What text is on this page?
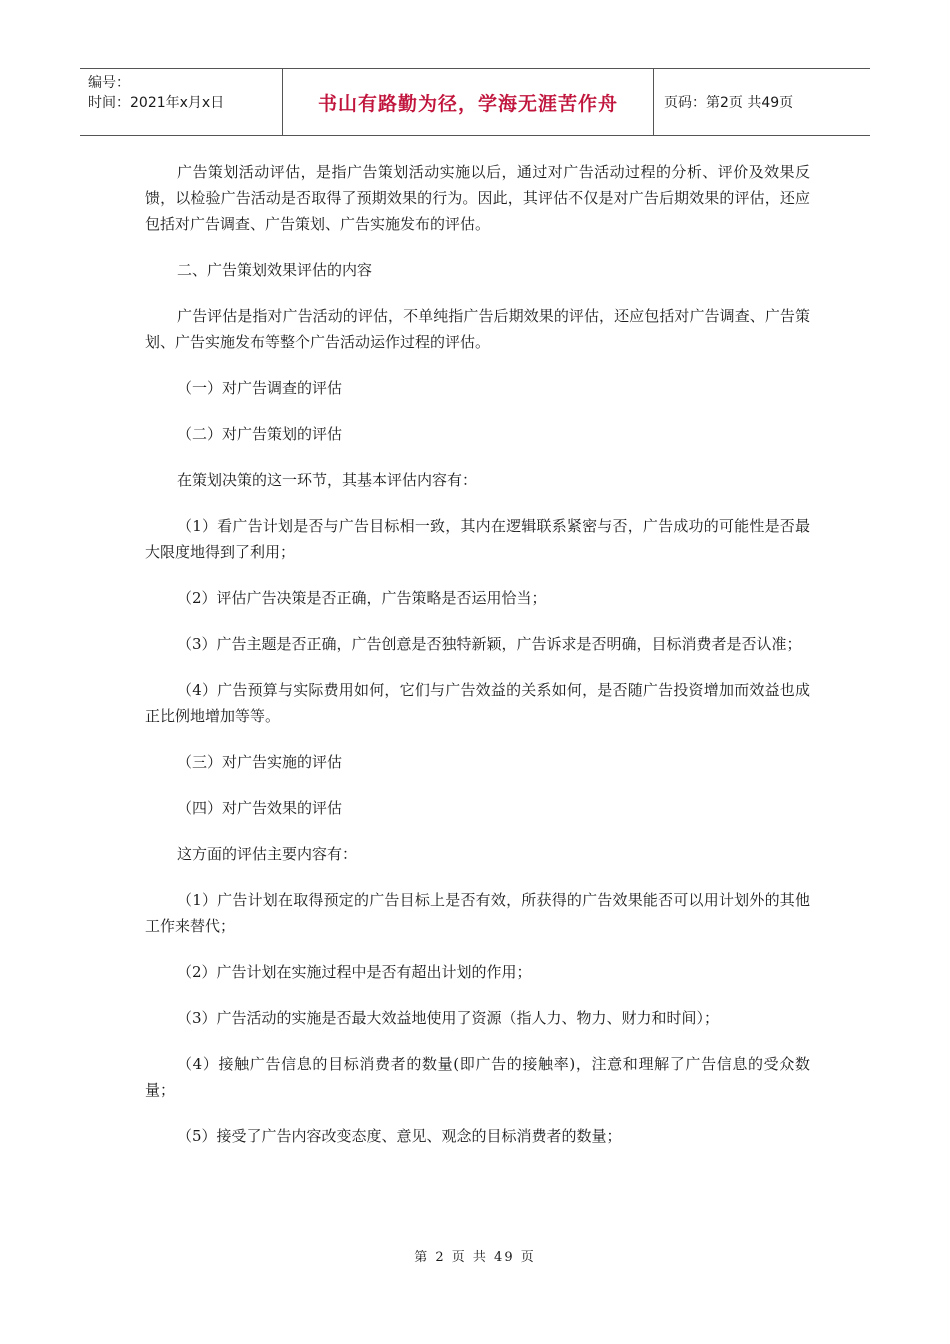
编号：
时间：2021年x月x日	书山有路勤为径，学海无涯苦作舟	页码：第2页 共49页

广告策划活动评估，是指广告策划活动实施以后，通过对广告活动过程的分析、评价及效果反馈，以检验广告活动是否取得了预期效果的行为。因此，其评估不仅是对广告后期效果的评估，还应包括对广告调查、广告策划、广告实施发布的评估。

二、广告策划效果评估的内容

广告评估是指对广告活动的评估，不单纯指广告后期效果的评估，还应包括对广告调查、广告策划、广告实施发布等整个广告活动运作过程的评估。

（一）对广告调查的评估

（二）对广告策划的评估

在策划决策的这一环节，其基本评估内容有：

（1）看广告计划是否与广告目标相一致，其内在逻辑联系紧密与否，广告成功的可能性是否最大限度地得到了利用；

（2）评估广告决策是否正确，广告策略是否运用恰当；

（3）广告主题是否正确，广告创意是否独特新颖，广告诉求是否明确，目标消费者是否认准；

（4）广告预算与实际费用如何，它们与广告效益的关系如何，是否随广告投资增加而效益也成正比例地增加等等。

（三）对广告实施的评估

（四）对广告效果的评估

这方面的评估主要内容有：

（1）广告计划在取得预定的广告目标上是否有效，所获得的广告效果能否可以用计划外的其他工作来替代；

（2）广告计划在实施过程中是否有超出计划的作用；

（3）广告活动的实施是否最大效益地使用了资源（指人力、物力、财力和时间）；

（4）接触广告信息的目标消费者的数量(即广告的接触率)，注意和理解了广告信息的受众数量；

（5）接受了广告内容改变态度、意见、观念的目标消费者的数量；

第 2 页 共 49 页
